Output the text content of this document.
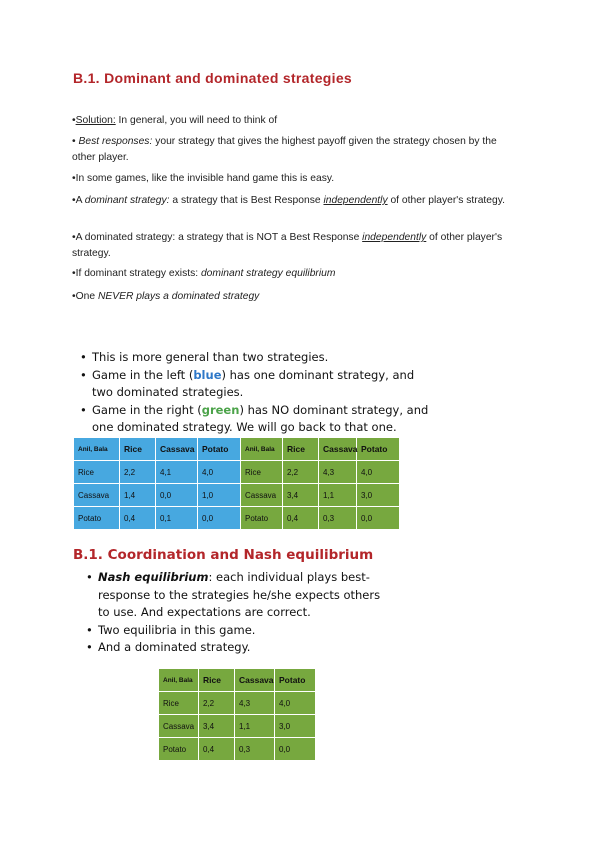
B.1. Dominant and dominated strategies
•Solution: In general, you will need to think of
• Best responses: your strategy that gives the highest payoff given the strategy chosen by the other player.
•In some games, like the invisible hand game this is easy.
•A dominant strategy: a strategy that is Best Response independently of other player's strategy.
•A dominated strategy: a strategy that is NOT a Best Response independently of other player's strategy.
•If dominant strategy exists: dominant strategy equilibrium
•One NEVER plays a dominated strategy
• This is more general than two strategies.
• Game in the left (blue) has one dominant strategy, and two dominated strategies.
• Game in the right (green) has NO dominant strategy, and one dominated strategy. We will go back to that one.
Anil, Bala	Rice	Cassava	Potato
Rice	2,2	4,1	4,0
Cassava	1,4	0,0	1,0
Potato	0,4	0,1	0,0
Anil, Bala	Rice	Cassava	Potato
Rice	2,2	4,3	4,0
Cassava	3,4	1,1	3,0
Potato	0,4	0,3	0,0
B.1. Coordination and Nash equilibrium
• Nash equilibrium: each individual plays best-response to the strategies he/she expects others to use. And expectations are correct.
• Two equilibria in this game.
• And a dominated strategy.
Anil, Bala	Rice	Cassava	Potato
Rice	2,2	4,3	4,0
Cassava	3,4	1,1	3,0
Potato	0,4	0,3	0,0
